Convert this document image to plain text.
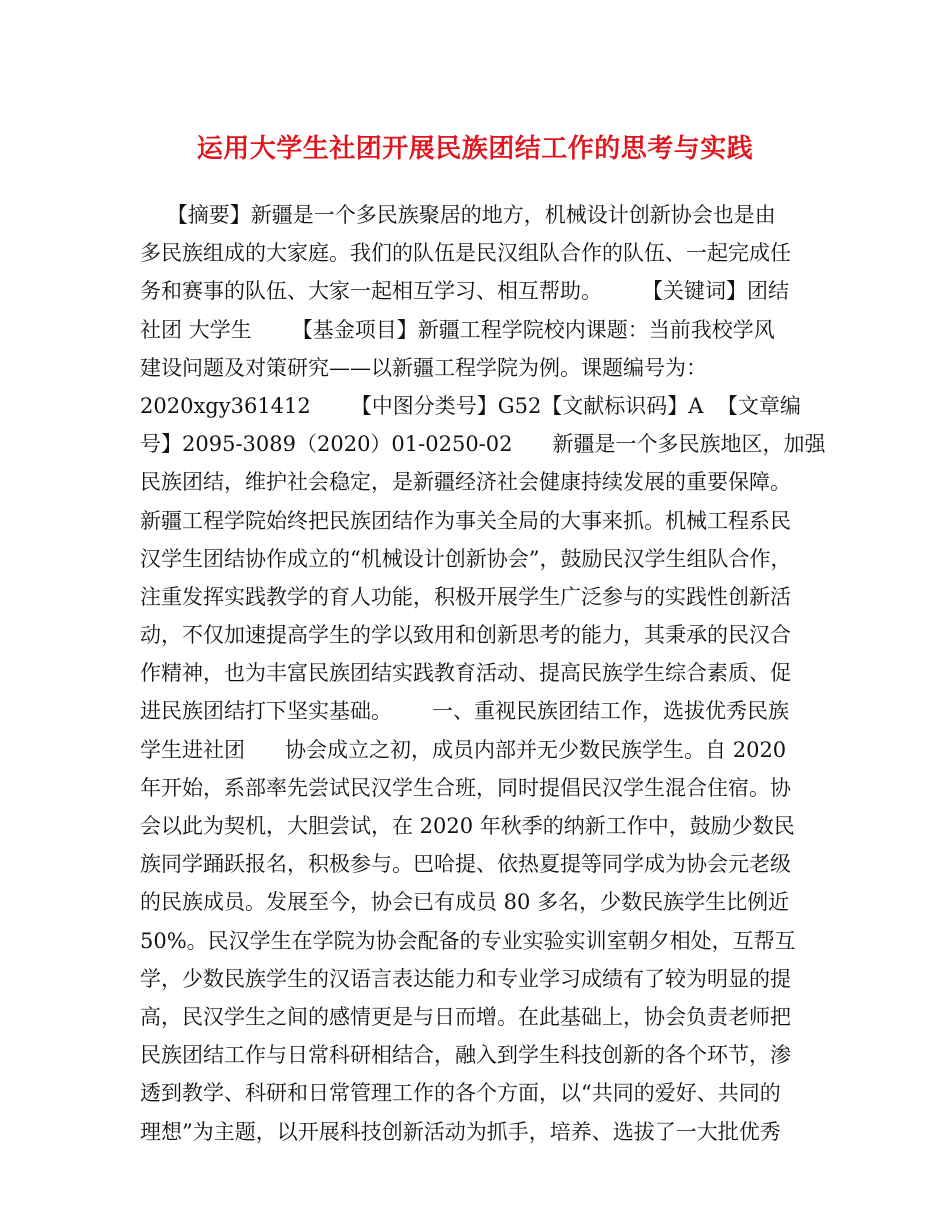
运用大学生社团开展民族团结工作的思考与实践
【摘要】新疆是一个多民族聚居的地方，机械设计创新协会也是由
多民族组成的大家庭。我们的队伍是民汉组队合作的队伍、一起完成任
务和赛事的队伍、大家一起相互学习、相互帮助。      【关键词】团结
社团 大学生      【基金项目】新疆工程学院校内课题：当前我校学风
建设问题及对策研究——以新疆工程学院为例。课题编号为：
2020xgy361412      【中图分类号】G52【文献标识码】A  【文章编
号】2095-3089（2020）01-0250-02      新疆是一个多民族地区，加强
民族团结，维护社会稳定，是新疆经济社会健康持续发展的重要保障。
新疆工程学院始终把民族团结作为事关全局的大事来抓。机械工程系民
汉学生团结协作成立的“机械设计创新协会”，鼓励民汉学生组队合作，
注重发挥实践教学的育人功能，积极开展学生广泛参与的实践性创新活
动，不仅加速提高学生的学以致用和创新思考的能力，其秉承的民汉合
作精神，也为丰富民族团结实践教育活动、提高民族学生综合素质、促
进民族团结打下坚实基础。      一、重视民族团结工作，选拔优秀民族
学生进社团      协会成立之初，成员内部并无少数民族学生。自 2020
年开始，系部率先尝试民汉学生合班，同时提倡民汉学生混合住宿。协
会以此为契机，大胆尝试，在 2020 年秋季的纳新工作中，鼓励少数民
族同学踊跃报名，积极参与。巴哈提、依热夏提等同学成为协会元老级
的民族成员。发展至今，协会已有成员 80 多名，少数民族学生比例近
50%。民汉学生在学院为协会配备的专业实验实训室朝夕相处，互帮互
学，少数民族学生的汉语言表达能力和专业学习成绩有了较为明显的提
高，民汉学生之间的感情更是与日而增。在此基础上，协会负责老师把
民族团结工作与日常科研相结合，融入到学生科技创新的各个环节，渗
透到教学、科研和日常管理工作的各个方面，以“共同的爱好、共同的
理想”为主题，以开展科技创新活动为抓手，培养、选拔了一大批优秀
